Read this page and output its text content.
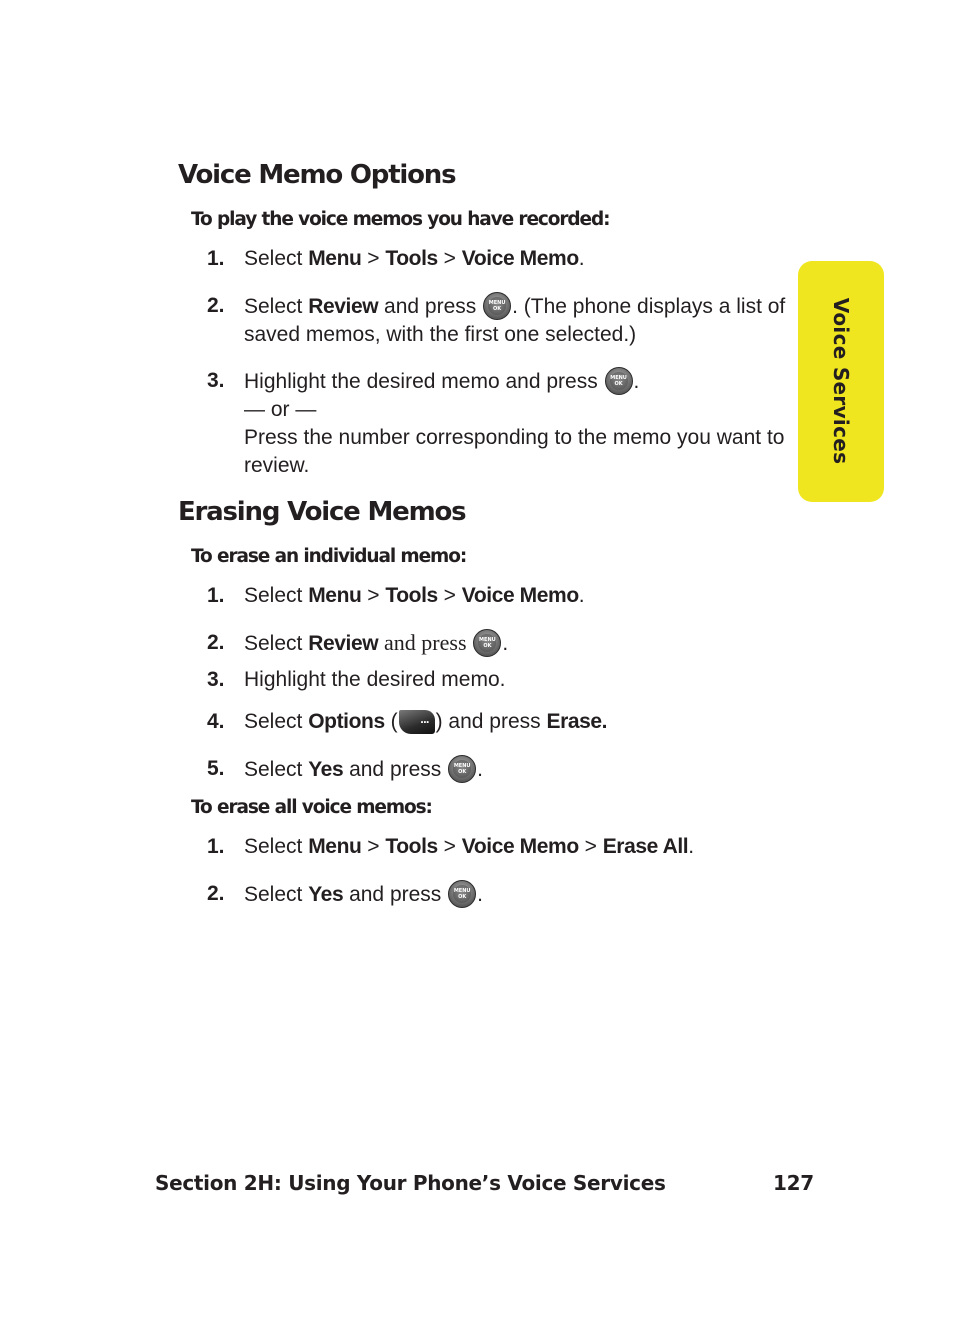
Voice Services
Voice Memo Options

To play the voice memos you have recorded:

1. Select Menu > Tools > Voice Memo.
2. Select Review and press	MENU
OK . (The phone displays a list of saved memos, with the first one selected.)
3. Highlight the desired memo and press	MENU
OK .
— or —
Press the number corresponding to the memo you want to review.
Erasing Voice Memos

To erase an individual memo:

1. Select Menu > Tools > Voice Memo.
2. Select Review and press	MENU
OK .
3. Highlight the desired memo.
4. Select Options ( ... ) and press Erase.
5. Select Yes and press	MENU
OK .

To erase all voice memos:

1. Select Menu > Tools > Voice Memo > Erase All.
2. Select Yes and press	MENU
OK .
Section 2H: Using Your Phone’s Voice Services	127
